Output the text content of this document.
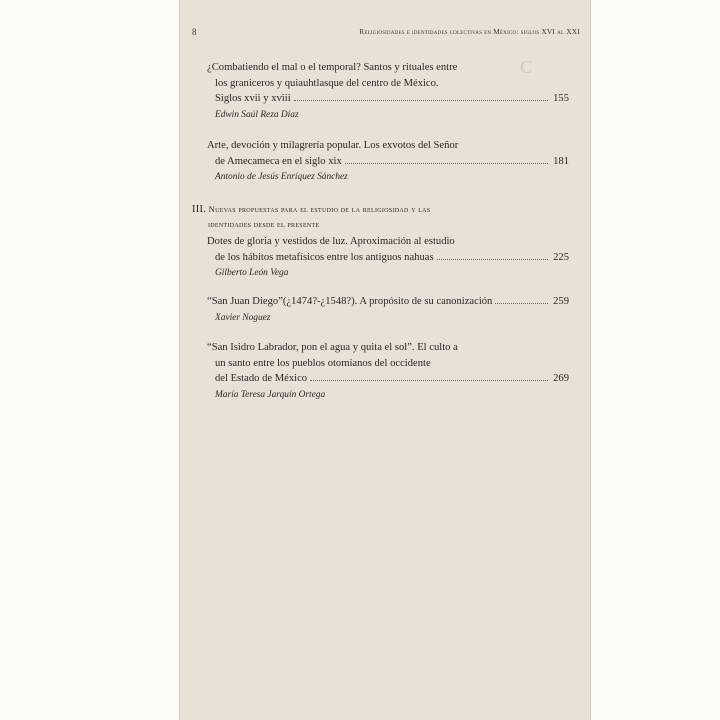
C
8	Religiosidades e identidades colectivas en México: siglos XVI al XXI
¿Combatiendo el mal o el temporal? Santos y rituales entre
los graniceros y quiauhtlasque del centro de México.
Siglos xvii y xviii	155
Edwin Saúl Reza Díaz
Arte, devoción y milagrería popular. Los exvotos del Señor
de Amecameca en el siglo xix	181
Antonio de Jesús Enríquez Sánchez
III. Nuevas propuestas para el estudio de la religiosidad y las
identidades desde el presente
Dotes de gloria y vestidos de luz. Aproximación al estudio
de los hábitos metafísicos entre los antiguos nahuas	225
Gilberto León Vega
“San Juan Diego”(¿1474?-¿1548?). A propósito de su canonización	259
Xavier Noguez
“San Isidro Labrador, pon el agua y quita el sol”. El culto a
un santo entre los pueblos otomianos del occidente
del Estado de México	269
María Teresa Jarquín Ortega
